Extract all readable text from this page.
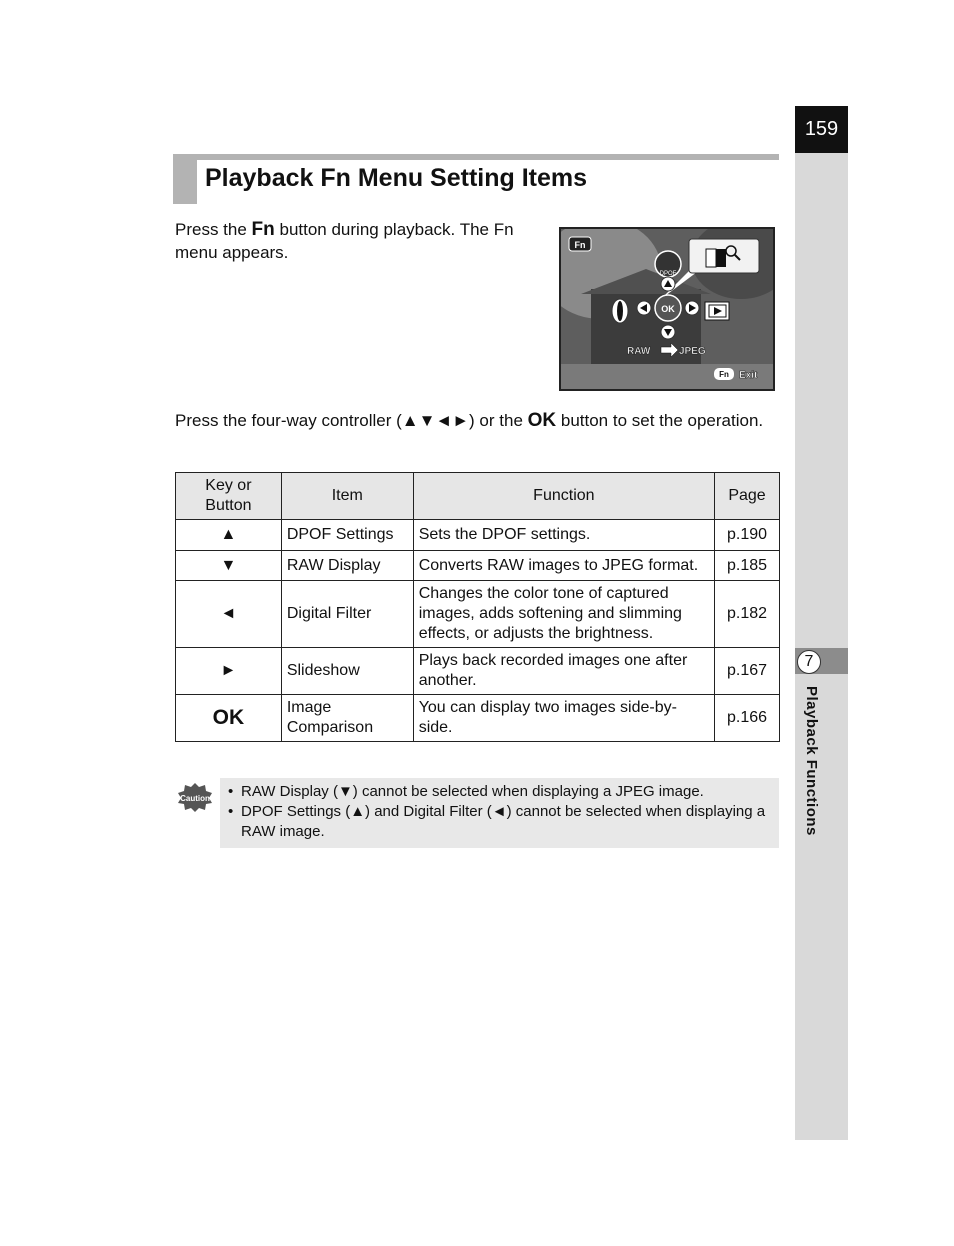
159
7
Playback Functions
Playback Fn Menu Setting Items

Press the Fn button during playback. The Fn menu appears.	Fn
DPOF
OK
RAW	JPEG
Fn Exit

Press the four-way controller (▲▼◄►) or the OK button to set the operation.

Key or Button	Item	Function	Page
▲	DPOF Settings	Sets the DPOF settings.	p.190
▼	RAW Display	Converts RAW images to JPEG format.	p.185
◄	Digital Filter	Changes the color tone of captured images, adds softening and slimming effects, or adjusts the brightness.	p.182
►	Slideshow	Plays back recorded images one after another.	p.167
OK	Image Comparison	You can display two images side-by-side.	p.166
Caution • RAW Display (▼) cannot be selected when displaying a JPEG image.
• DPOF Settings (▲) and Digital Filter (◄) cannot be selected when displaying a RAW image.
